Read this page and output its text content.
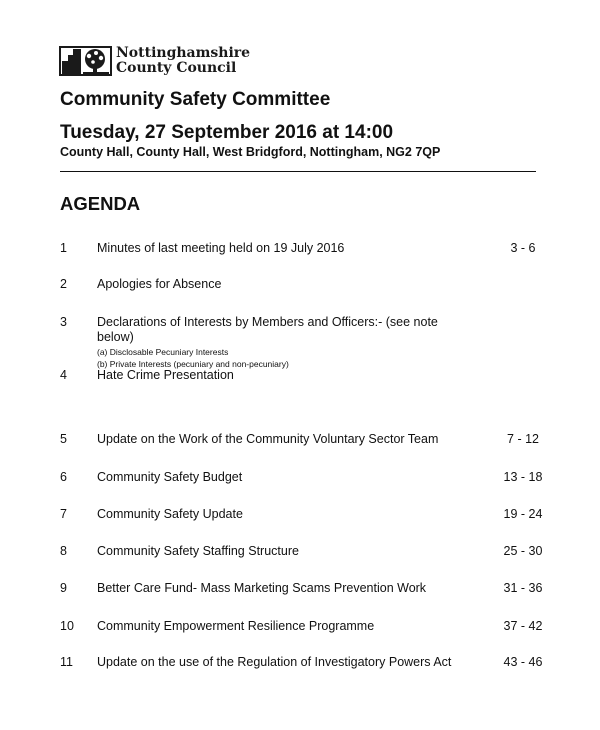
Nottinghamshire
County Council
Community Safety Committee
Tuesday, 27 September 2016 at 14:00
County Hall, County Hall, West Bridgford, Nottingham, NG2 7QP
AGENDA
1 Minutes of last meeting held on 19 July 2016	3 - 6
2 Apologies for Absence
3 Declarations of Interests by Members and Officers:- (see note below)
(a) Disclosable Pecuniary Interests
(b) Private Interests (pecuniary and non-pecuniary)
4 Hate Crime Presentation
5 Update on the Work of the Community Voluntary Sector Team	7 - 12
6 Community Safety Budget	13 - 18
7 Community Safety Update	19 - 24
8 Community Safety Staffing Structure	25 - 30
9 Better Care Fund- Mass Marketing Scams Prevention Work	31 - 36
10 Community Empowerment Resilience Programme	37 - 42
11 Update on the use of the Regulation of Investigatory Powers Act	43 - 46
